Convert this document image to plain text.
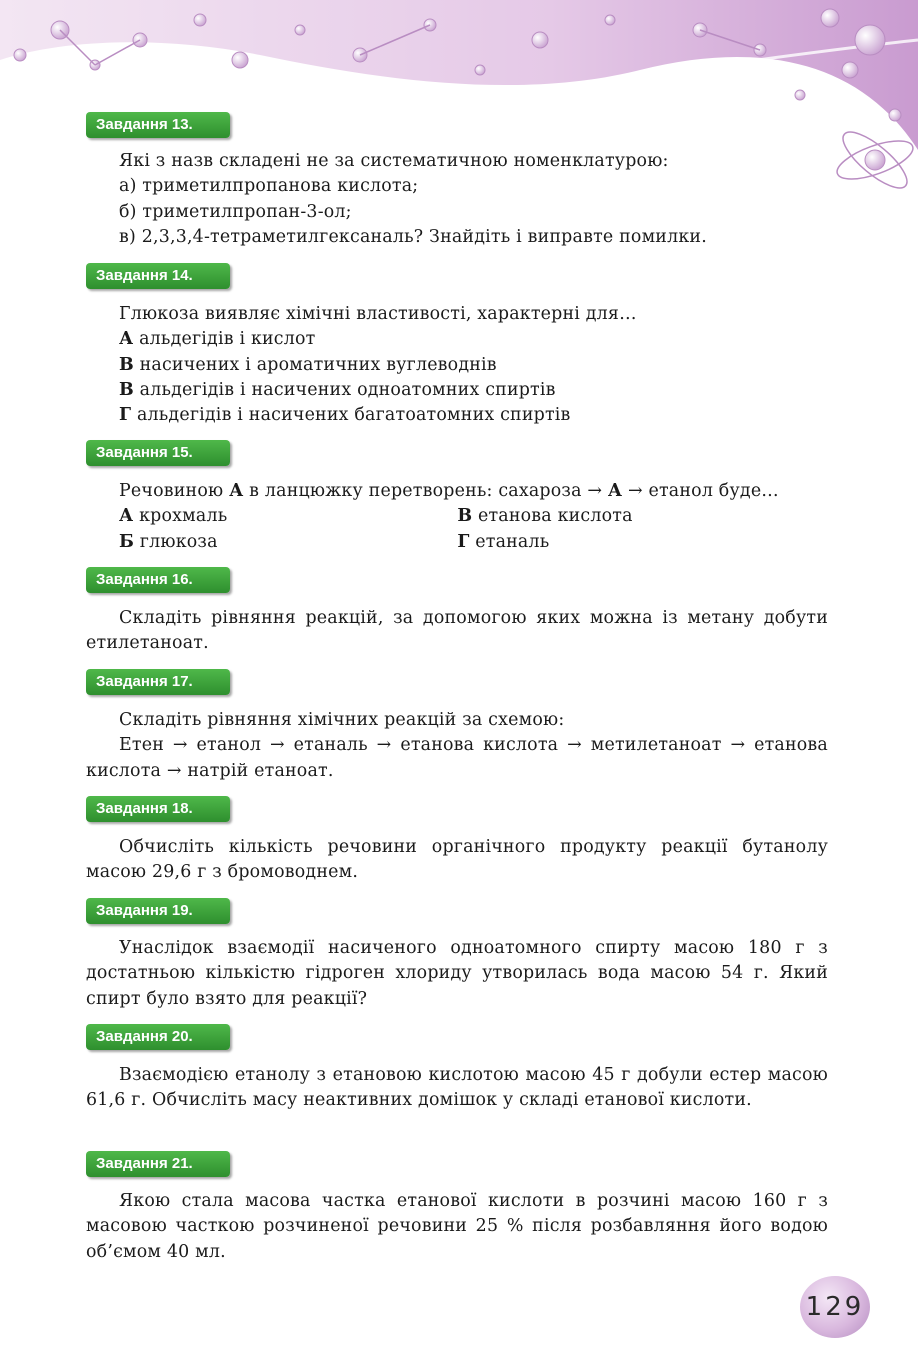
Завдання 13.

Які з назв складені не за систематичною номенклатурою:

а) триметилпропанова кислота;

б) триметилпропан-3-ол;

в) 2,3,3,4-тетраметилгексаналь? Знайдіть і виправте помилки.

Завдання 14.

Глюкоза виявляє хімічні властивості, характерні для…

А альдегідів і кислот

В насичених і ароматичних вуглеводнів

В альдегідів і насичених одноатомних спиртів

Г альдегідів і насичених багатоатомних спиртів

Завдання 15.

Речовиною А в ланцюжку перетворень: сахароза → А → етанол буде…

А крохмаль	В етанова кислота
Б глюкоза	Г етаналь
Завдання 16.

Складіть рівняння реакцій, за допомогою яких можна із метану добути етилетаноат.

Завдання 17.

Складіть рівняння хімічних реакцій за схемою:

Етен → етанол → етаналь → етанова кислота → метилетаноат → етанова кислота → натрій етаноат.

Завдання 18.

Обчисліть кількість речовини органічного продукту реакції бутанолу масою 29,6 г з бромоводнем.

Завдання 19.

Унаслідок взаємодії насиченого одноатомного спирту масою 180 г з достатньою кількістю гідроген хлориду утворилась вода масою 54 г. Який спирт було взято для реакції?

Завдання 20.

Взаємодією етанолу з етановою кислотою масою 45 г добули естер масою 61,6 г. Обчисліть масу неактивних домішок у складі етанової кислоти.

Завдання 21.

Якою стала масова частка етанової кислоти в розчині масою 160 г з масовою часткою розчиненої речовини 25 % після розбавляння його водою об’ємом 40 мл.

129
